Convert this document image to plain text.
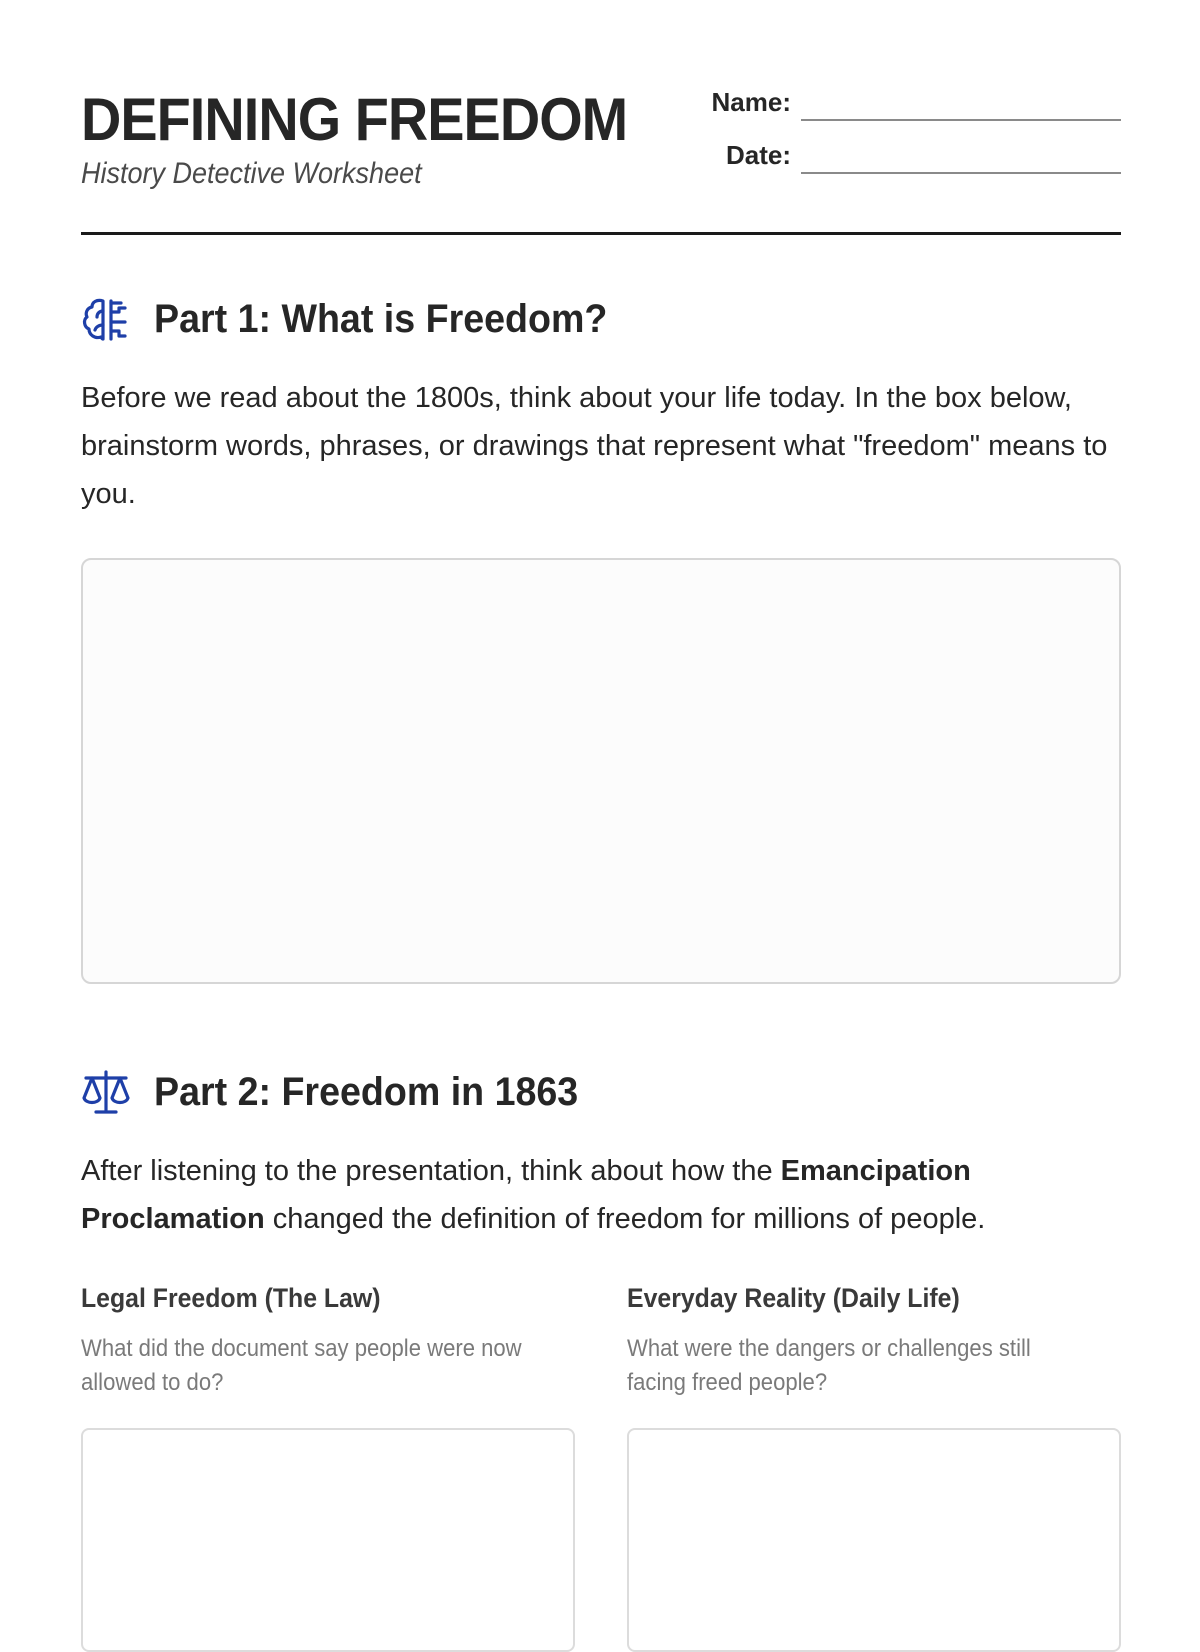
DEFINING FREEDOM
History Detective Worksheet
Name:
Date:
Part 1: What is Freedom?

Before we read about the 1800s, think about your life today. In the box below, brainstorm words, phrases, or drawings that represent what "freedom" means to you.

Part 2: Freedom in 1863

After listening to the presentation, think about how the Emancipation Proclamation changed the definition of freedom for millions of people.

Legal Freedom (The Law)

What did the document say people were now allowed to do?

Everyday Reality (Daily Life)

What were the dangers or challenges still facing freed people?
